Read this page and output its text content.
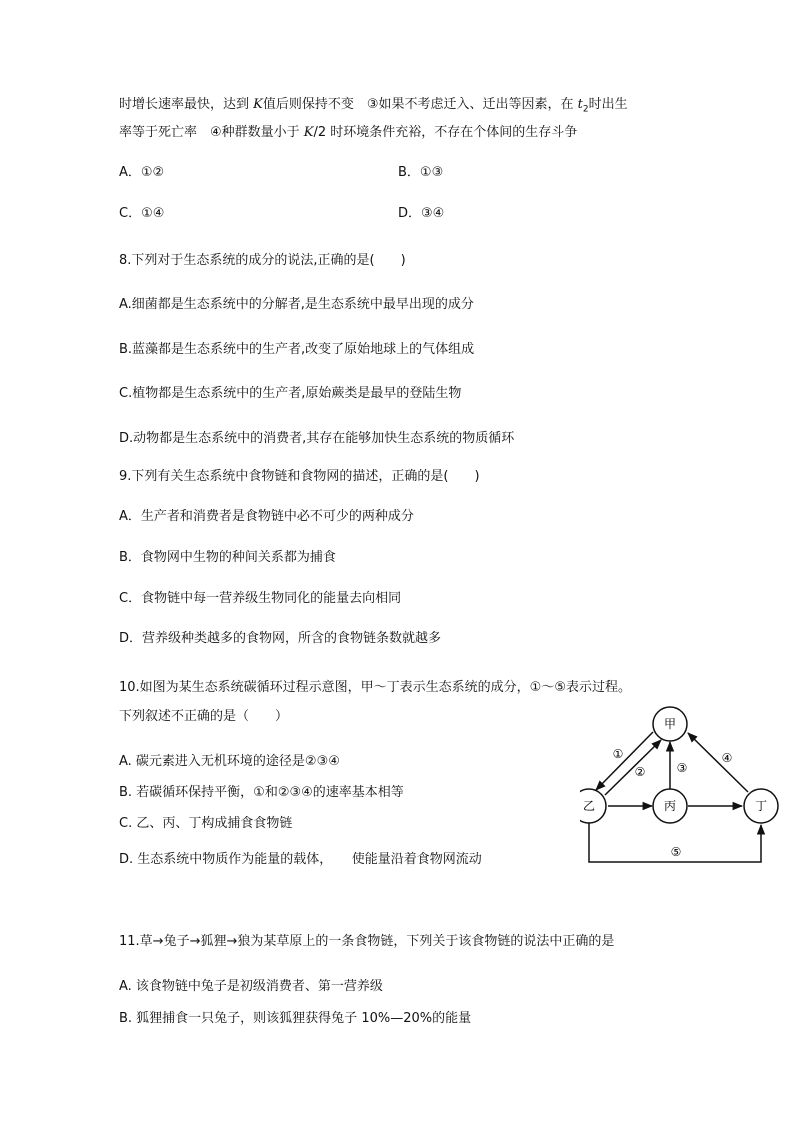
时增长速率最快，达到 K值后则保持不变　③如果不考虑迁入、迁出等因素，在 $t_2$时出生
率等于死亡率　④种群数量小于 K/2 时环境条件充裕，不存在个体间的生存斗争
A．①②	B．①③
C．①④	D．③④
8.下列对于生态系统的成分的说法,正确的是(　　)
A.细菌都是生态系统中的分解者,是生态系统中最早出现的成分
B.蓝藻都是生态系统中的生产者,改变了原始地球上的气体组成
C.植物都是生态系统中的生产者,原始蕨类是最早的登陆生物
D.动物都是生态系统中的消费者,其存在能够加快生态系统的物质循环
9.下列有关生态系统中食物链和食物网的描述，正确的是(　　)
A．生产者和消费者是食物链中必不可少的两种成分
B．食物网中生物的种间关系都为捕食
C．食物链中每一营养级生物同化的能量去向相同
D．营养级种类越多的食物网，所含的食物链条数就越多
10.如图为某生态系统碳循环过程示意图，甲～丁表示生态系统的成分，①～⑤表示过程。
下列叙述不正确的是（　　）
A. 碳元素进入无机环境的途径是②③④
B. 若碳循环保持平衡，①和②③④的速率基本相等
C. 乙、丙、丁构成捕食食物链
D. 生态系统中物质作为能量的载体，　　使能量沿着食物网流动
甲
乙	丙	丁
①
②	③
④
⑤
11.草→兔子→狐狸→狼为某草原上的一条食物链，下列关于该食物链的说法中正确的是
A. 该食物链中兔子是初级消费者、第一营养级
B. 狐狸捕食一只兔子，则该狐狸获得兔子 10%—20%的能量
